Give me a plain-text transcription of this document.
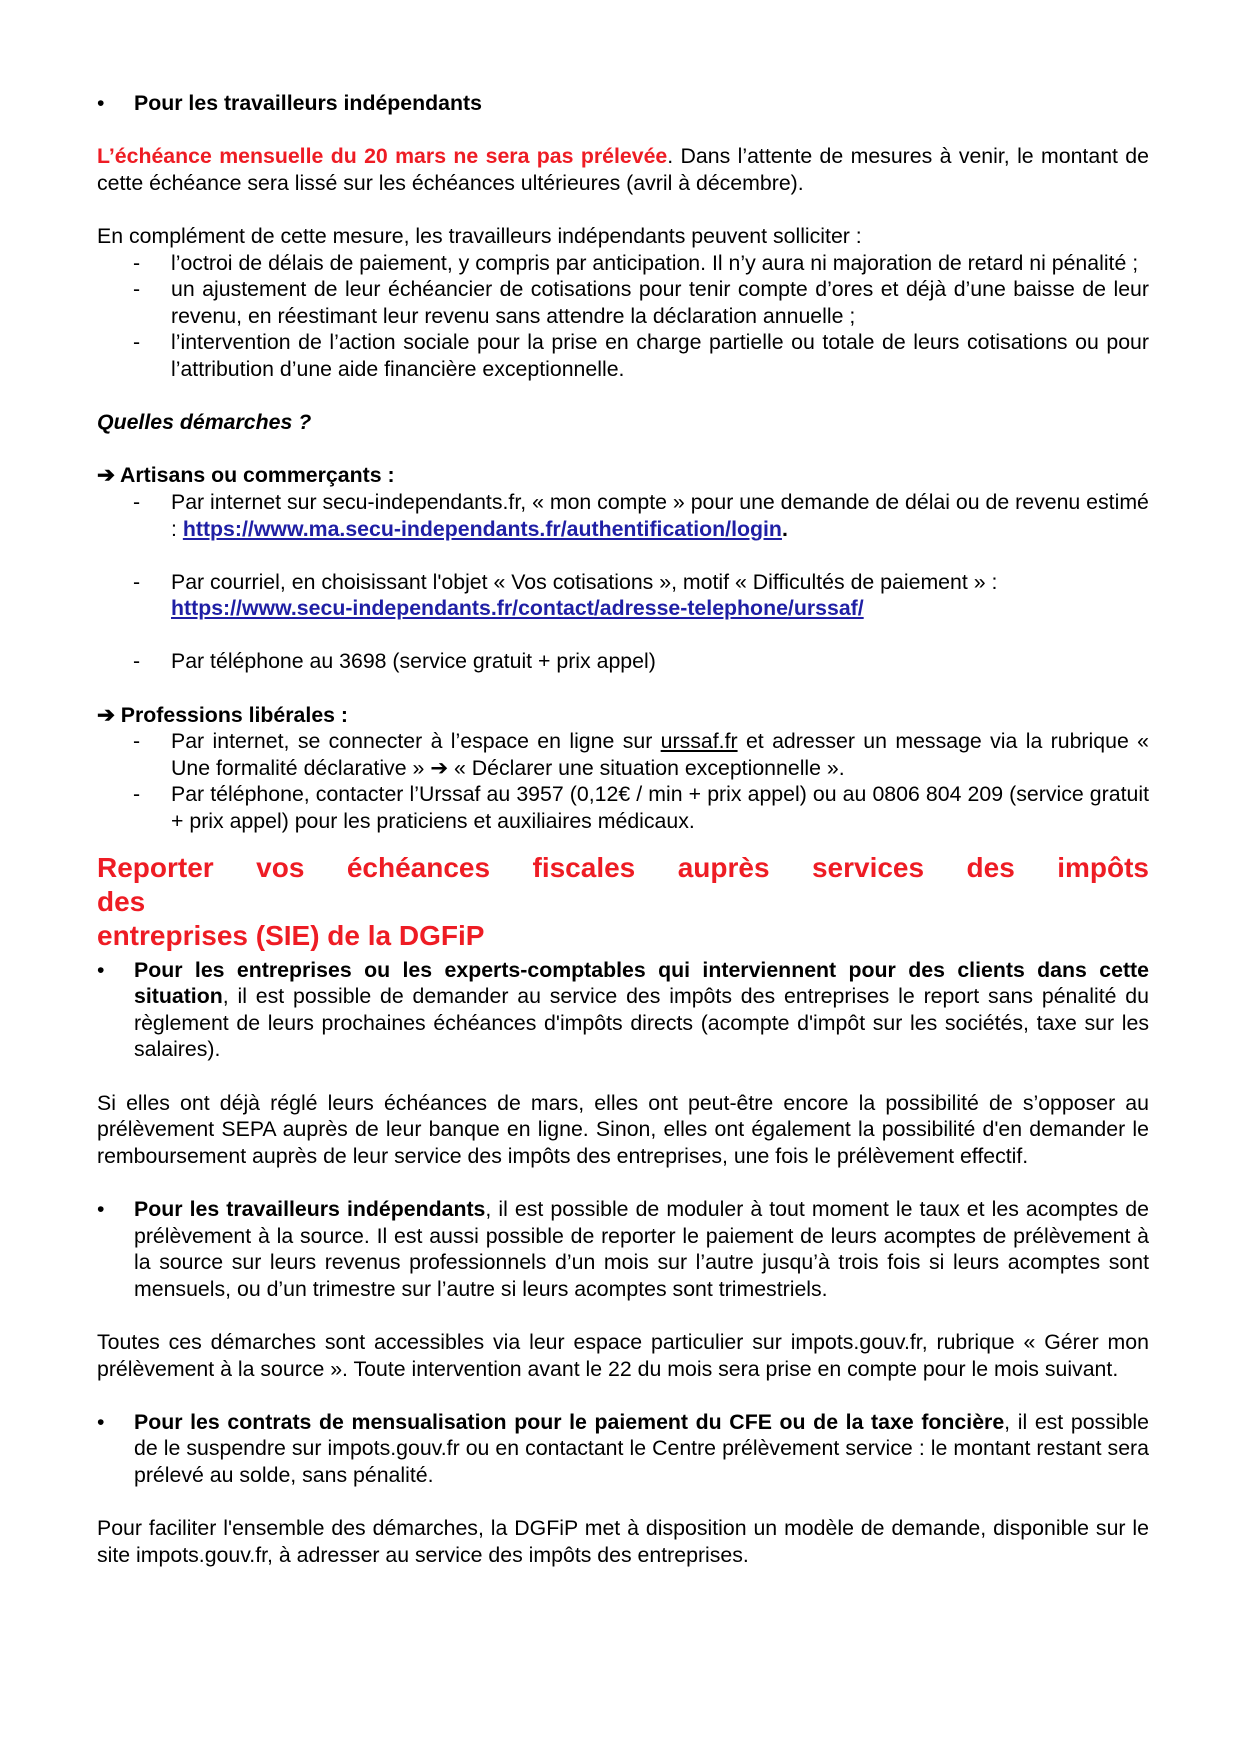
•	Pour les travailleurs indépendants

L’échéance mensuelle du 20 mars ne sera pas prélevée. Dans l’attente de mesures à venir, le montant de cette échéance sera lissé sur les échéances ultérieures (avril à décembre).

En complément de cette mesure, les travailleurs indépendants peuvent solliciter :

- l’octroi de délais de paiement, y compris par anticipation. Il n’y aura ni majoration de retard ni pénalité ;
- un ajustement de leur échéancier de cotisations pour tenir compte d’ores et déjà d’une baisse de leur revenu, en réestimant leur revenu sans attendre la déclaration annuelle ;
- l’intervention de l’action sociale pour la prise en charge partielle ou totale de leurs cotisations ou pour l’attribution d’une aide financière exceptionnelle.

Quelles démarches ?

➔ Artisans ou commerçants :

- Par internet sur secu-independants.fr, « mon compte » pour une demande de délai ou de revenu estimé : https://www.ma.secu-independants.fr/authentification/login.
- Par courriel, en choisissant l'objet « Vos cotisations », motif « Difficultés de paiement » :
https://www.secu-independants.fr/contact/adresse-telephone/urssaf/
- Par téléphone au 3698 (service gratuit + prix appel)

➔ Professions libérales :

- Par internet, se connecter à l’espace en ligne sur urssaf.fr et adresser un message via la rubrique « Une formalité déclarative » ➔ « Déclarer une situation exceptionnelle ».
- Par téléphone, contacter l’Urssaf au 3957 (0,12€ / min + prix appel) ou au 0806 804 209 (service gratuit + prix appel) pour les praticiens et auxiliaires médicaux.
Reporter vos échéances fiscales auprès services des impôts des
entreprises (SIE) de la DGFiP
•	Pour les entreprises ou les experts-comptables qui interviennent pour des clients dans cette situation, il est possible de demander au service des impôts des entreprises le report sans pénalité du règlement de leurs prochaines échéances d'impôts directs (acompte d'impôt sur les sociétés, taxe sur les salaires).

Si elles ont déjà réglé leurs échéances de mars, elles ont peut-être encore la possibilité de s’opposer au prélèvement SEPA auprès de leur banque en ligne. Sinon, elles ont également la possibilité d'en demander le remboursement auprès de leur service des impôts des entreprises, une fois le prélèvement effectif.

•	Pour les travailleurs indépendants, il est possible de moduler à tout moment le taux et les acomptes de prélèvement à la source. Il est aussi possible de reporter le paiement de leurs acomptes de prélèvement à la source sur leurs revenus professionnels d’un mois sur l’autre jusqu’à trois fois si leurs acomptes sont mensuels, ou d’un trimestre sur l’autre si leurs acomptes sont trimestriels.

Toutes ces démarches sont accessibles via leur espace particulier sur impots.gouv.fr, rubrique « Gérer mon prélèvement à la source ». Toute intervention avant le 22 du mois sera prise en compte pour le mois suivant.

•	Pour les contrats de mensualisation pour le paiement du CFE ou de la taxe foncière, il est possible de le suspendre sur impots.gouv.fr ou en contactant le Centre prélèvement service : le montant restant sera prélevé au solde, sans pénalité.

Pour faciliter l'ensemble des démarches, la DGFiP met à disposition un modèle de demande, disponible sur le site impots.gouv.fr, à adresser au service des impôts des entreprises.
